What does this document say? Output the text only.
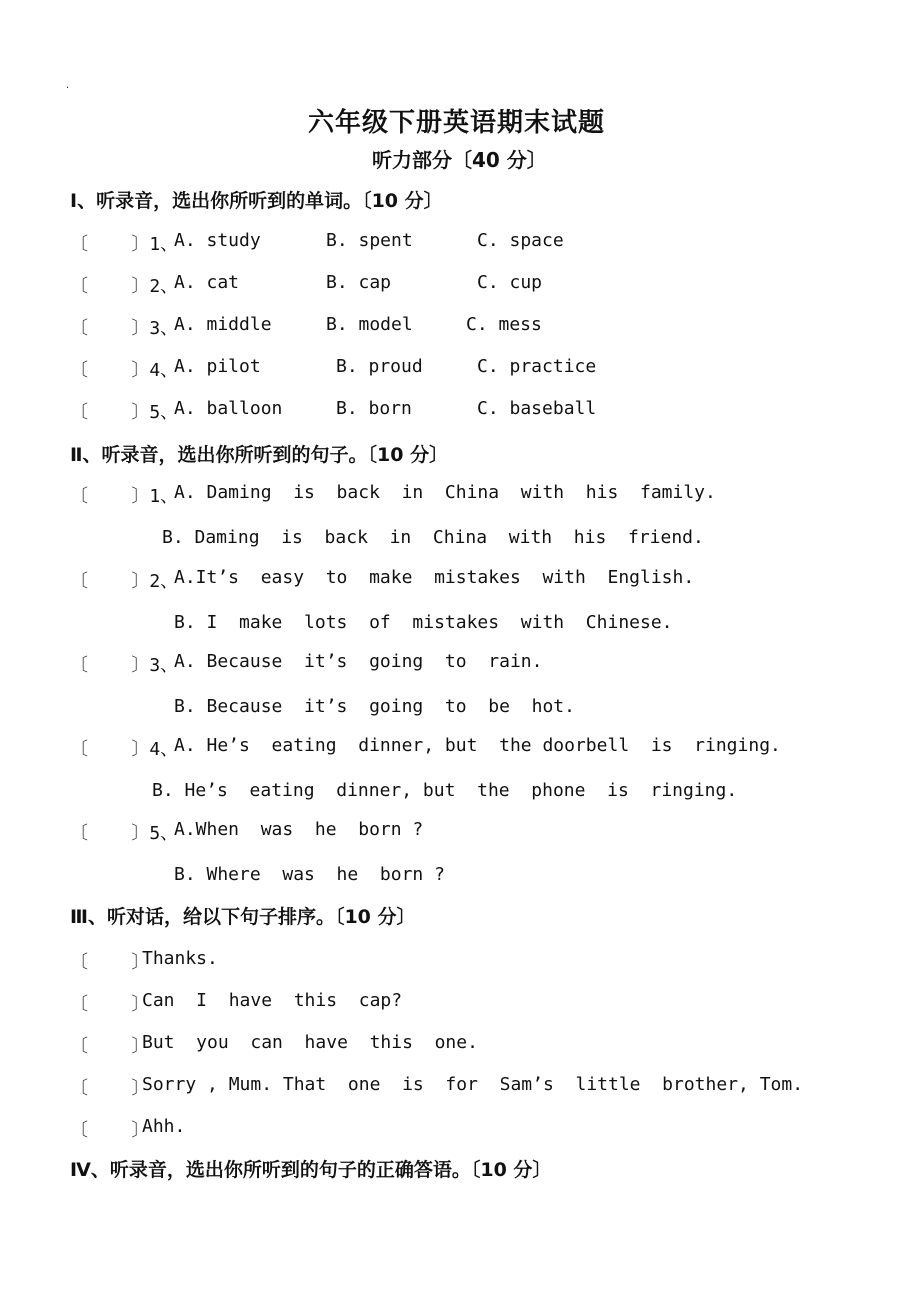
.
六年级下册英语期末试题
听力部分〔40 分〕
Ⅰ、听录音，选出你所听到的单词。〔10 分〕
〔    〕1、
A. study	B. spent	C. space
〔    〕2、
A. cat	B. cap	C. cup
〔    〕3、
A. middle	B. model	C. mess
〔    〕4、
A. pilot	B. proud	C. practice
〔    〕5、
A. balloon	B. born	C. baseball
Ⅱ、听录音，选出你所听到的句子。〔10 分〕
〔    〕1、
A. Daming  is  back  in  China  with  his  family.
B. Daming  is  back  in  China  with  his  friend.
〔    〕2、
A.It’s  easy  to  make  mistakes  with  English.
B. I  make  lots  of  mistakes  with  Chinese.
〔    〕3、
A. Because  it’s  going  to  rain.
B. Because  it’s  going  to  be  hot.
〔    〕4、
A. He’s  eating  dinner, but  the doorbell  is  ringing.
B. He’s  eating  dinner, but  the  phone  is  ringing.
〔    〕5、
A.When  was  he  born ?
B. Where  was  he  born ?
Ⅲ、听对话，给以下句子排序。〔10 分〕
〔    〕
Thanks.
〔    〕
Can  I  have  this  cap?
〔    〕
But  you  can  have  this  one.
〔    〕
Sorry , Mum. That  one  is  for  Sam’s  little  brother, Tom.
〔    〕
Ahh.
Ⅳ、听录音，选出你所听到的句子的正确答语。〔10 分〕
